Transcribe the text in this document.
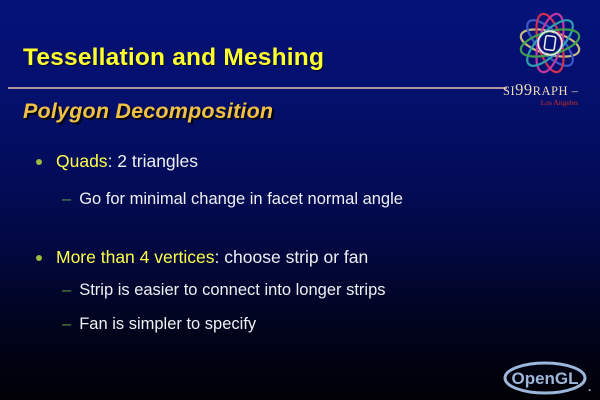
Tessellation and Meshing
SI99RAPH –
Los Angeles
Polygon Decomposition
Quads: 2 triangles
– Go for minimal change in facet normal angle
More than 4 vertices: choose strip or fan
– Strip is easier to connect into longer strips
– Fan is simpler to specify
OpenGL .
